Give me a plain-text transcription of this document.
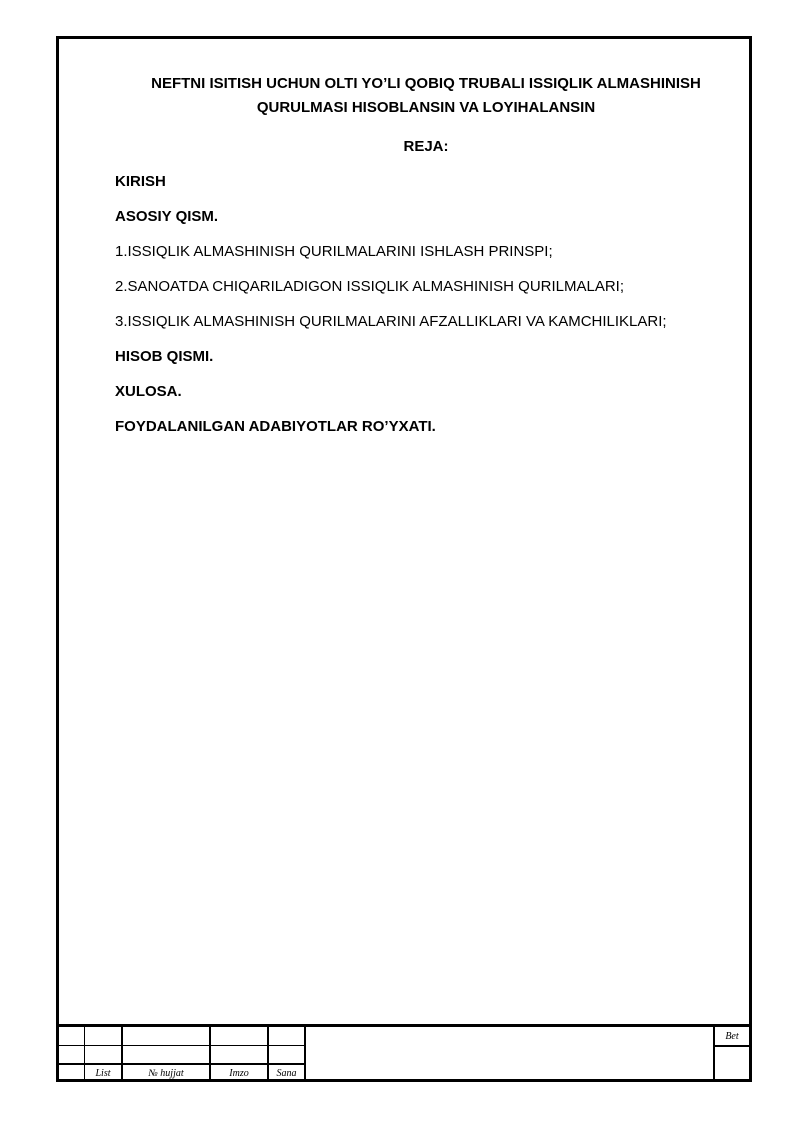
NEFTNI ISITISH UCHUN OLTI YO’LI QOBIQ TRUBALI ISSIQLIK ALMASHINISH
QURULMASI HISOBLANSIN VA LOYIHALANSIN
REJA:
KIRISH
ASOSIY QISM.
1.ISSIQLIK ALMASHINISH QURILMALARINI ISHLASH PRINSPI;
2.SANOATDA CHIQARILADIGON ISSIQLIK ALMASHINISH QURILMALARI;
3.ISSIQLIK ALMASHINISH QURILMALARINI AFZALLIKLARI VA KAMCHILIKLARI;
HISOB QISMI.
XULOSA.
FOYDALANILGAN ADABIYOTLAR RO’YXATI.
List	№ hujjat	Imzo	Sana
Bet
